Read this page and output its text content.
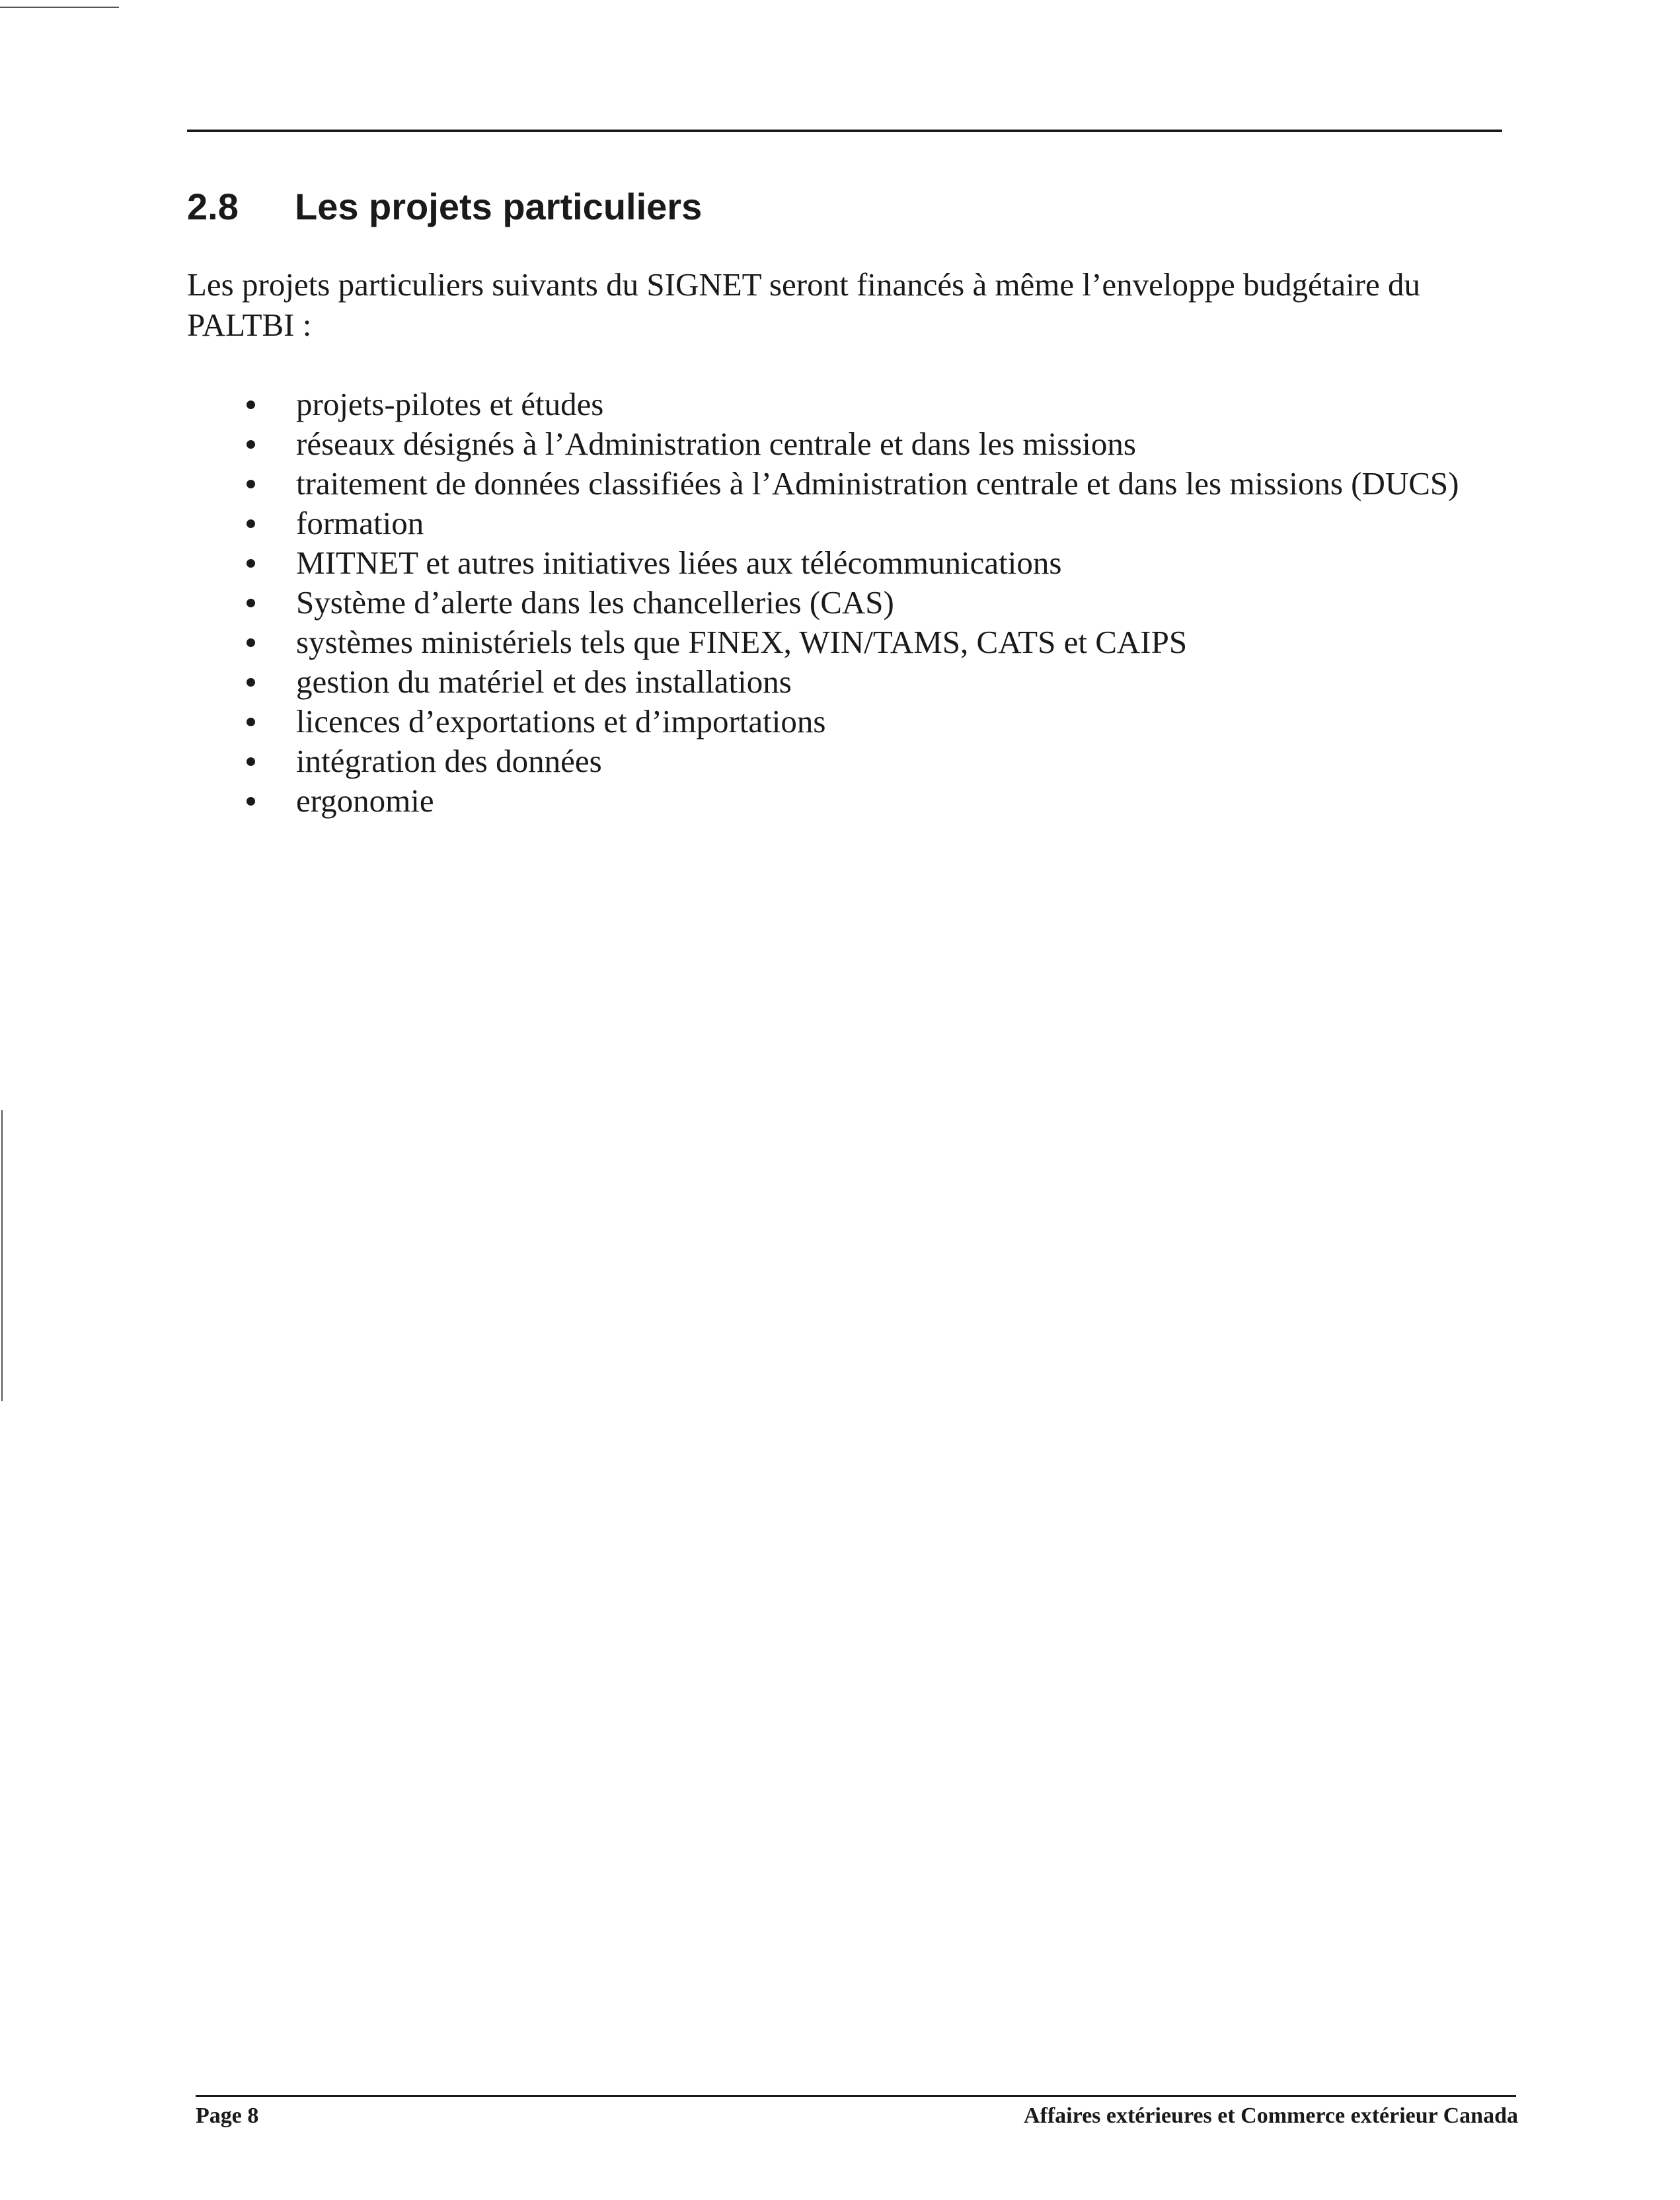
2.8 Les projets particuliers

Les projets particuliers suivants du SIGNET seront financés à même l’enveloppe budgétaire du PALTBI :

projets-pilotes et études
réseaux désignés à l’Administration centrale et dans les missions
traitement de données classifiées à l’Administration centrale et dans les missions (DUCS)
formation
MITNET et autres initiatives liées aux télécommunications
Système d’alerte dans les chancelleries (CAS)
systèmes ministériels tels que FINEX, WIN/TAMS, CATS et CAIPS
gestion du matériel et des installations
licences d’exportations et d’importations
intégration des données
ergonomie
Page 8	Affaires extérieures et Commerce extérieur Canada
